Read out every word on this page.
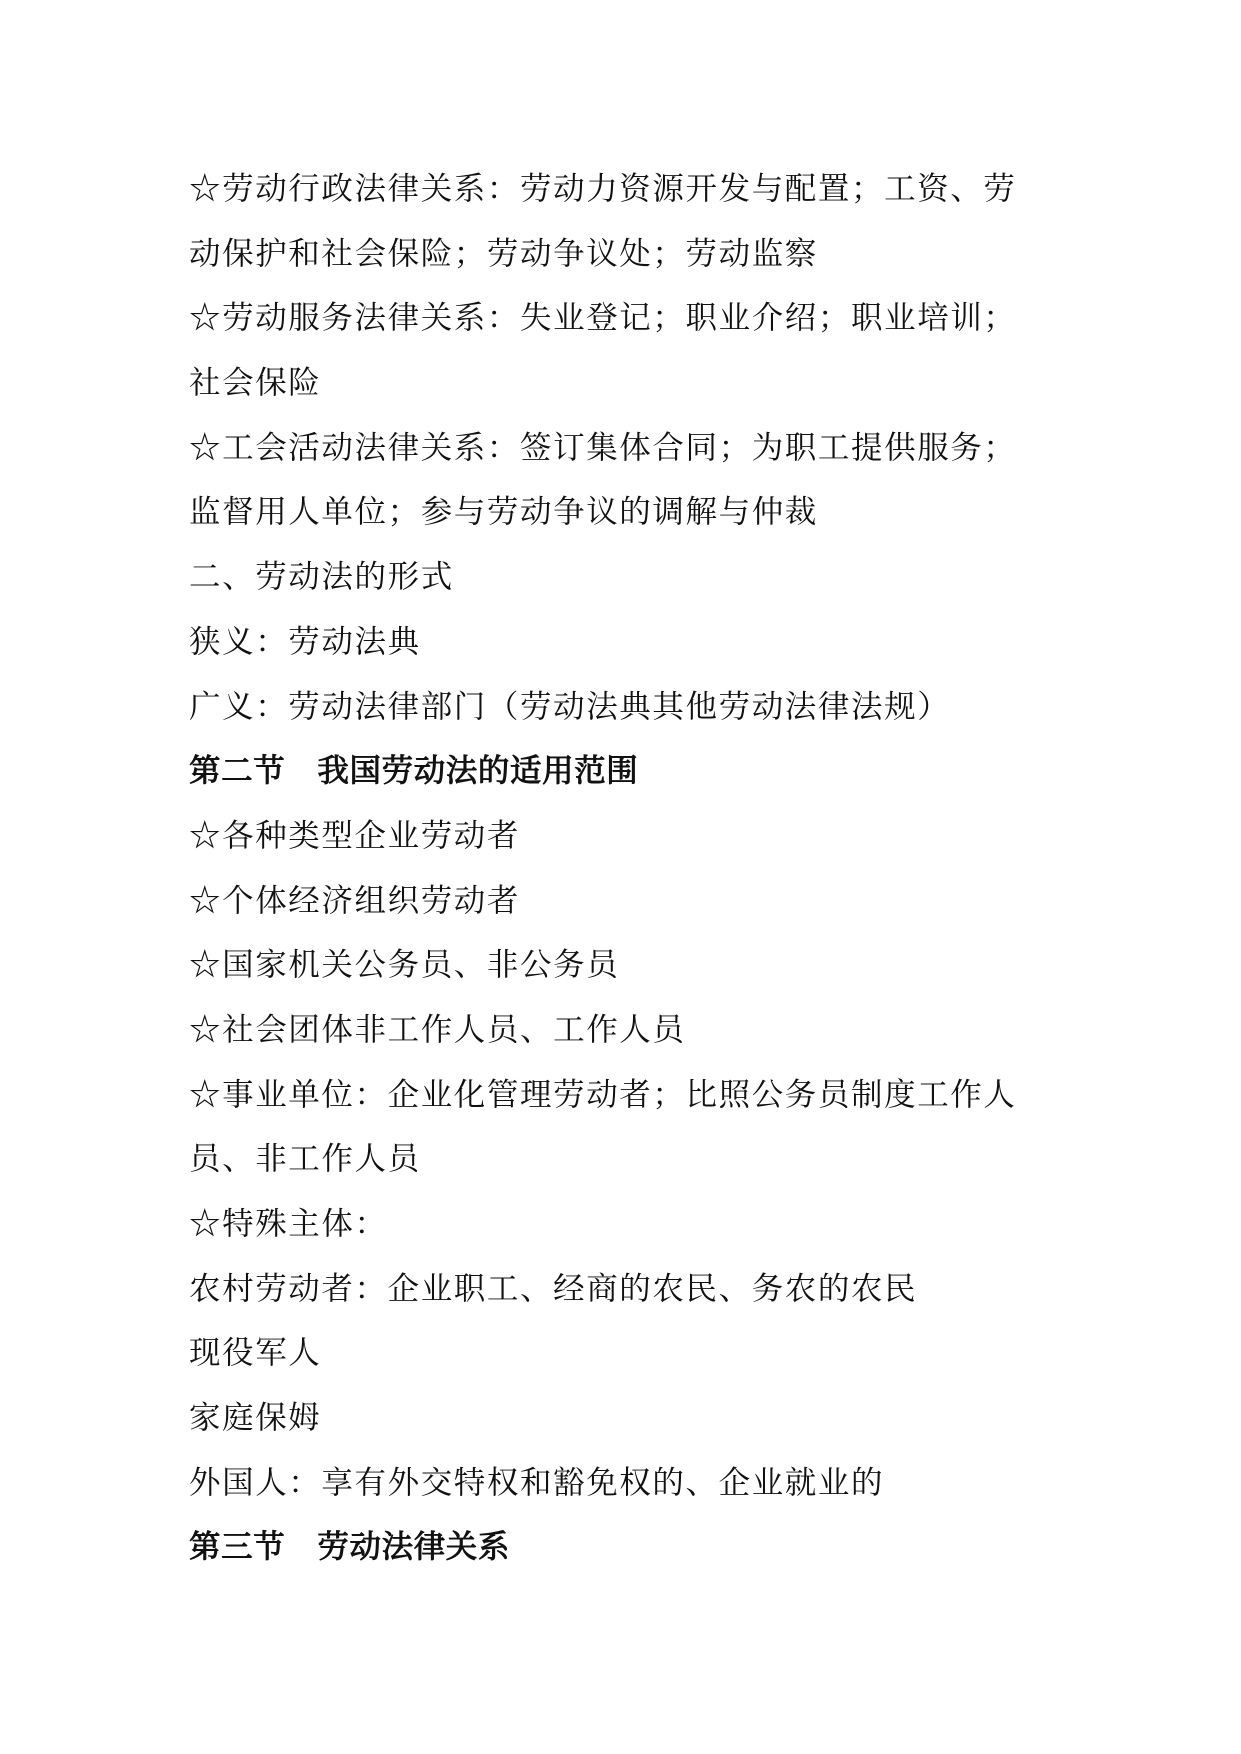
☆劳动行政法律关系：劳动力资源开发与配置；工资、劳
动保护和社会保险；劳动争议处；劳动监察
☆劳动服务法律关系：失业登记；职业介绍；职业培训；
社会保险
☆工会活动法律关系：签订集体合同；为职工提供服务；
监督用人单位；参与劳动争议的调解与仲裁
二、劳动法的形式
狭义：劳动法典
广义：劳动法律部门（劳动法典其他劳动法律法规）
第二节　我国劳动法的适用范围
☆各种类型企业劳动者
☆个体经济组织劳动者
☆国家机关公务员、非公务员
☆社会团体非工作人员、工作人员
☆事业单位：企业化管理劳动者；比照公务员制度工作人
员、非工作人员
☆特殊主体：
农村劳动者：企业职工、经商的农民、务农的农民
现役军人
家庭保姆
外国人：享有外交特权和豁免权的、企业就业的
第三节　劳动法律关系
